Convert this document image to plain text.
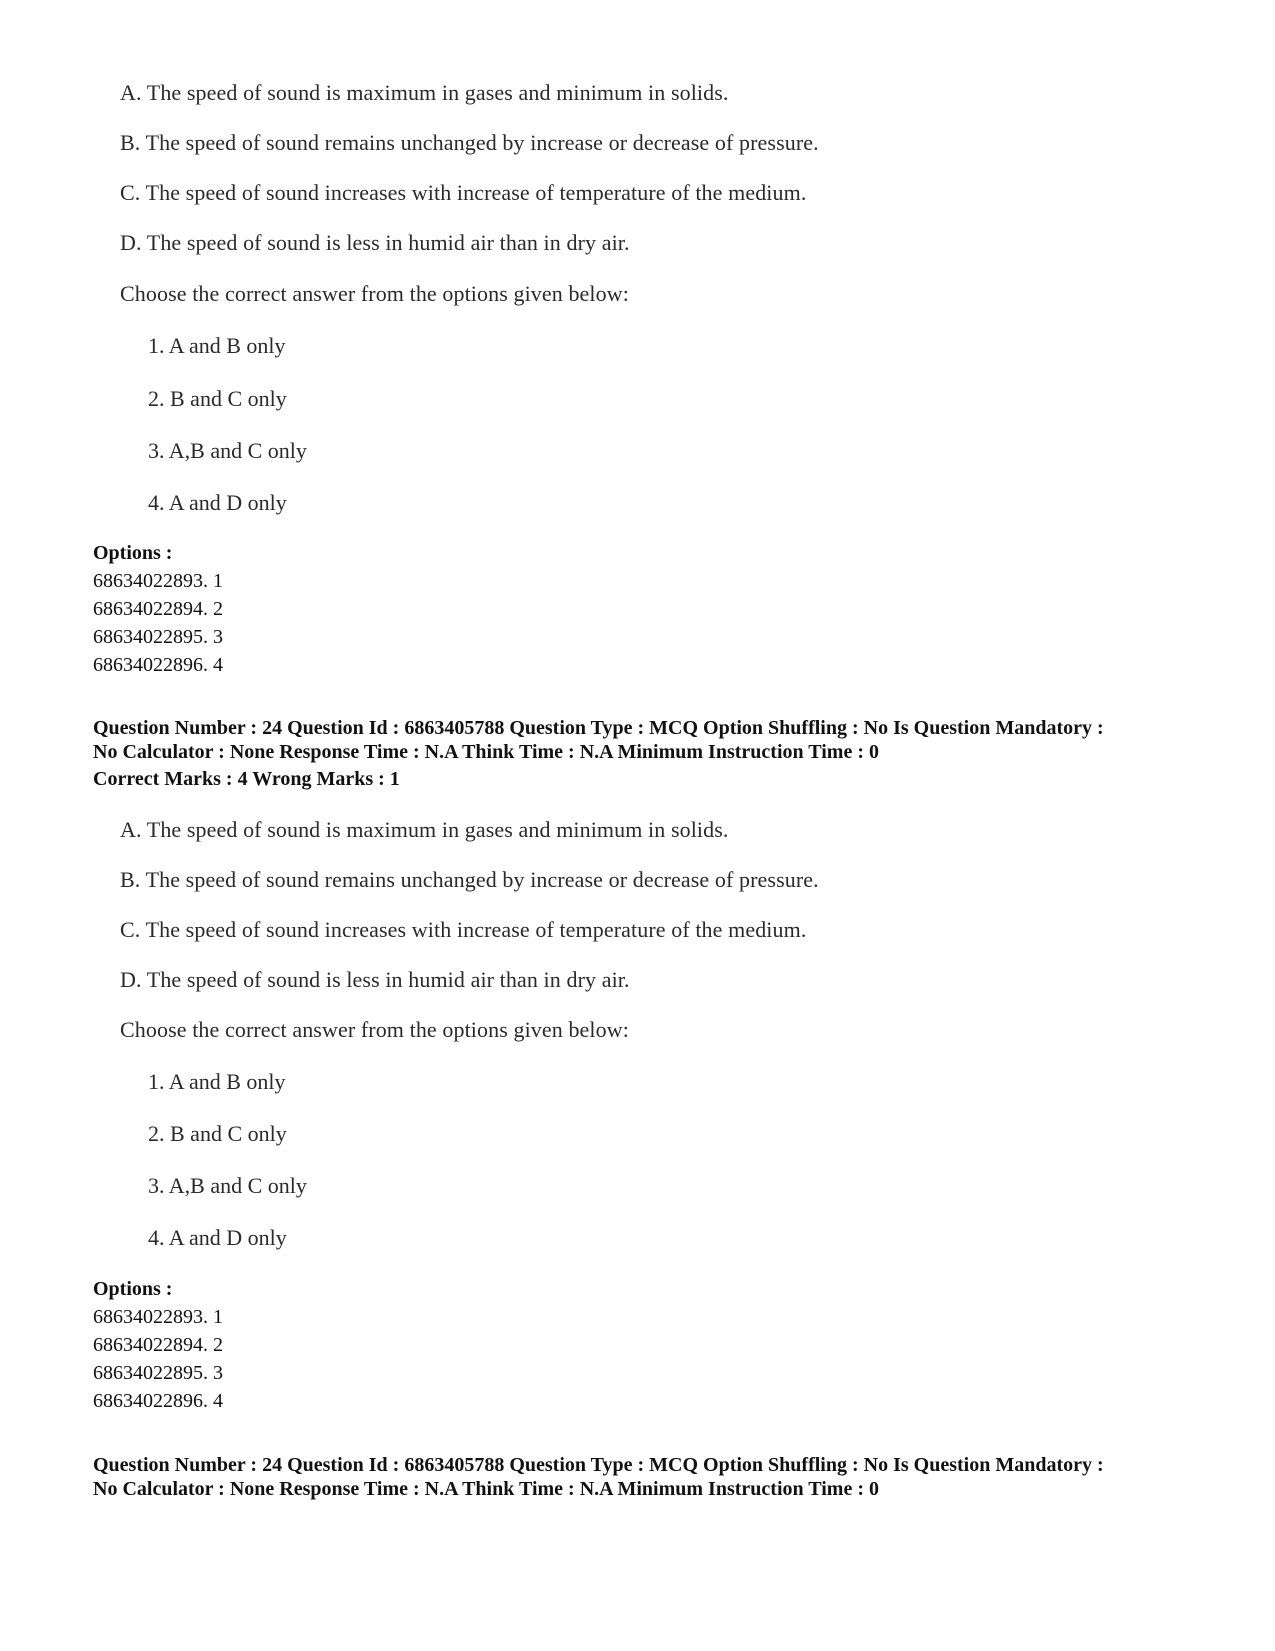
A. The speed of sound is maximum in gases and minimum in solids.
B. The speed of sound remains unchanged by increase or decrease of pressure.
C. The speed of sound increases with increase of temperature of the medium.
D. The speed of sound is less in humid air than in dry air.
Choose the correct answer from the options given below:
1. A and B only
2. B and C only
3. A,B and C only
4. A and D only
Options :
68634022893. 1
68634022894. 2
68634022895. 3
68634022896. 4
Question Number : 24 Question Id : 6863405788 Question Type : MCQ Option Shuffling : No Is Question Mandatory :
No Calculator : None Response Time : N.A Think Time : N.A Minimum Instruction Time : 0
Correct Marks : 4 Wrong Marks : 1
A. The speed of sound is maximum in gases and minimum in solids.
B. The speed of sound remains unchanged by increase or decrease of pressure.
C. The speed of sound increases with increase of temperature of the medium.
D. The speed of sound is less in humid air than in dry air.
Choose the correct answer from the options given below:
1. A and B only
2. B and C only
3. A,B and C only
4. A and D only
Options :
68634022893. 1
68634022894. 2
68634022895. 3
68634022896. 4
Question Number : 24 Question Id : 6863405788 Question Type : MCQ Option Shuffling : No Is Question Mandatory :
No Calculator : None Response Time : N.A Think Time : N.A Minimum Instruction Time : 0
